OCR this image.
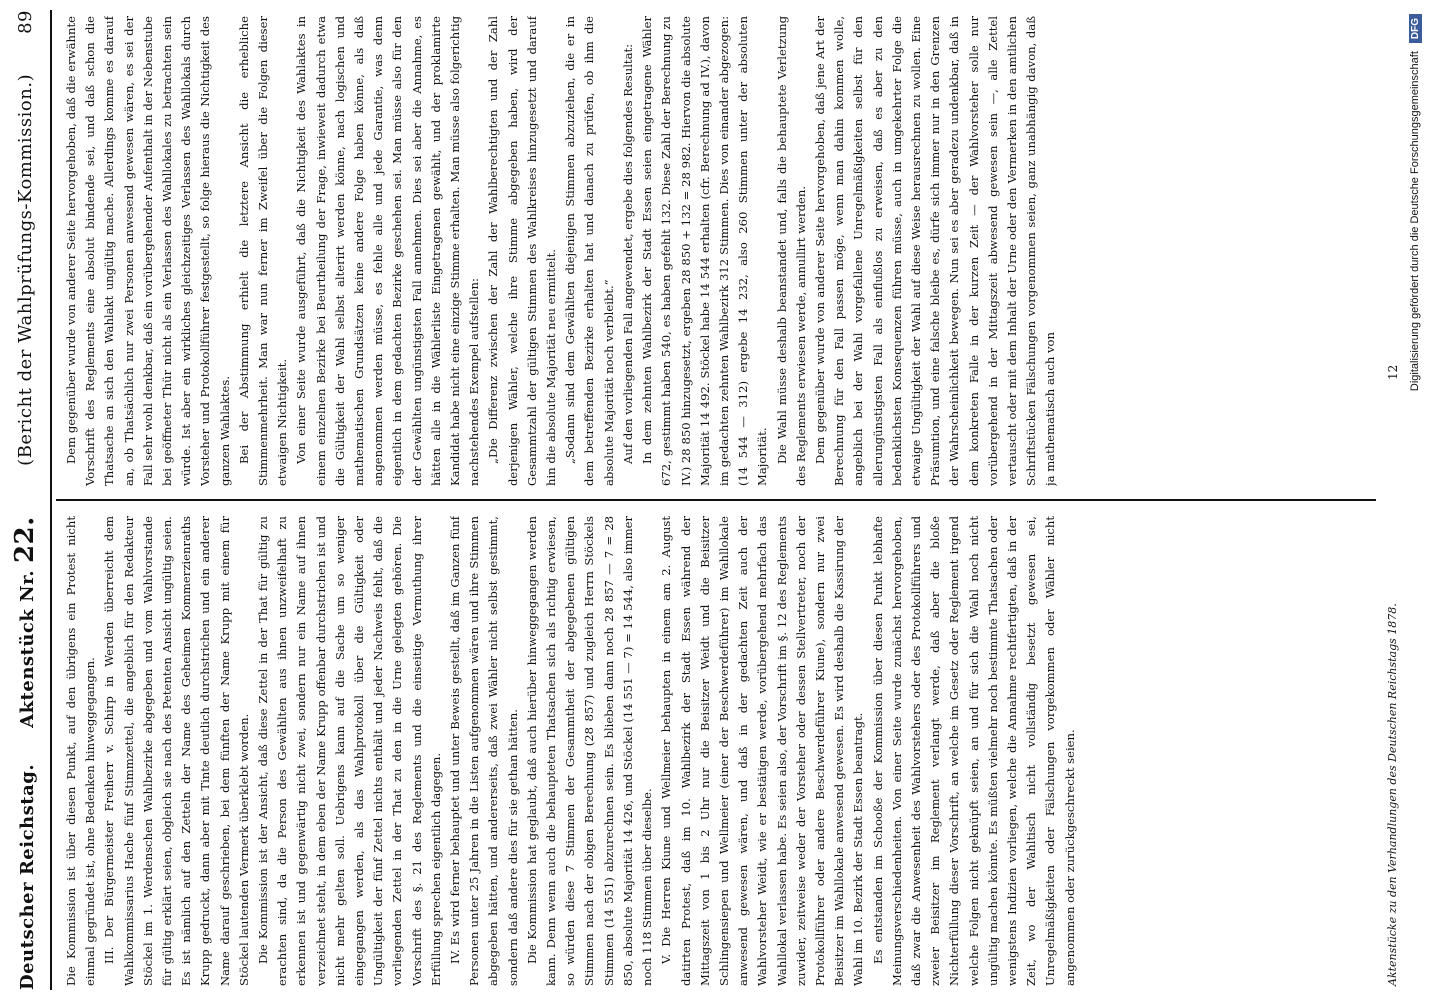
Deutscher Reichstag.
Aktenstück Nr. 22.
(Bericht der Wahlprüfungs-Kommission.)
89

Die Kommission ist über diesen Punkt, auf den übrigens ein Protest nicht einmal gegründet ist, ohne Bedenken hinweggegangen. III. Der Bürgermeister Freiherr v. Schirp in Werden überreicht dem Wahlkommissarius Hache fünf Stimmzettel, die angeblich für den Redakteur Stöckel im 1. Werdenschen Wahlbezirke abgegeben und vom Wahlvorstande für gültig erklärt seien, obgleich sie nach des Petenten Ansicht ungültig seien. Es ist nämlich auf den Zetteln der Name des Geheimen Kommerzienraths Krupp gedruckt, dann aber mit Tinte deutlich durchstrichen und ein anderer Name darauf geschrieben, bei dem fünften der Name Krupp mit einem für Stöckel lautenden Vermerk überklebt worden. Die Kommission ist der Ansicht, daß diese Zettel in der That für gültig zu erachten sind, da die Person des Gewählten aus ihnen unzweifelhaft zu erkennen ist und gegenwärtig nicht zwei, sondern nur ein Name auf ihnen verzeichnet steht, in dem eben der Name Krupp offenbar durchstrichen ist und nicht mehr gelten soll. Uebrigens kann auf die Sache um so weniger eingegangen werden, als das Wahlprotokoll über die Gültigkeit oder Ungültigkeit der fünf Zettel nichts enthält und jeder Nachweis fehlt, daß die vorliegenden Zettel in der That zu den in die Urne gelegten gehören. Die Vorschrift des §. 21 des Reglements und die einseitige Vermuthung ihrer Erfüllung sprechen eigentlich dagegen. IV. Es wird ferner behauptet und unter Beweis gestellt, daß im Ganzen fünf Personen unter 25 Jahren in die Listen aufgenommen wären und ihre Stimmen abgegeben hätten, und andererseits, daß zwei Wähler nicht selbst gestimmt, sondern daß andere dies für sie gethan hätten. Die Kommission hat geglaubt, daß auch hierüber hinweggegangen werden kann. Denn wenn auch die behaupteten Thatsachen sich als richtig erwiesen, so würden diese 7 Stimmen der Gesammtheit der abgegebenen gültigen Stimmen nach der obigen Berechnung (28 857) und zugleich Herrn Stöckels Stimmen (14 551) abzurechnen sein. Es blieben dann noch 28 857 — 7 = 28 850, absolute Majorität 14 426, und Stöckel (14 551 — 7) = 14 544, also immer noch 118 Stimmen über dieselbe. V. Die Herren Kiune und Wellmeier behaupten in einem am 2. August datirten Protest, daß im 10. Wahlbezirk der Stadt Essen während der Mittagszeit von 1 bis 2 Uhr nur die Beisitzer Weidt und die Beisitzer Schlingensiepen und Wellmeier (einer der Beschwerdeführer) im Wahllokale anwesend gewesen wären, und daß in der gedachten Zeit auch der Wahlvorsteher Weidt, wie er bestätigen werde, vorübergehend mehrfach das Wahllokal verlassen habe. Es seien also, der Vorschrift im §. 12 des Reglements zuwider, zeitweise weder der Vorsteher oder dessen Stellvertreter, noch der Protokollführer oder andere Beschwerdeführer Kiune), sondern nur zwei Beisitzer im Wahllokale anwesend gewesen. Es wird deshalb die Kassirung der Wahl im 10. Bezirk der Stadt Essen beantragt. Es entstanden im Schooße der Kommission über diesen Punkt lebhafte Meinungsverschiedenheiten. Von einer Seite wurde zunächst hervorgehoben, daß zwar die Anwesenheit des Wahlvorstehers oder des Protokollführers und zweier Beisitzer im Reglement verlangt werde, daß aber die bloße Nichterfüllung dieser Vorschrift, an welche im Gesetz oder Reglement irgend welche Folgen nicht geknüpft seien, an und für sich die Wahl noch nicht ungültig machen könnte. Es müßten vielmehr noch bestimmte Thatsachen oder wenigstens Indizien vorliegen, welche die Annahme rechtfertigten, daß in der Zeit, wo der Wahltisch nicht vollständig besetzt gewesen sei, Unregelmäßigkeiten oder Fälschungen vorgekommen oder Wähler nicht angenommen oder zurückgeschreckt seien.

Dem gegenüber wurde von anderer Seite hervorgehoben, daß die erwähnte Vorschrift des Reglements eine absolut bindende sei, und daß schon die Thatsache an sich den Wahlakt ungültig mache. Allerdings komme es darauf an, ob Thatsächlich nur zwei Personen anwesend gewesen wären, es sei der Fall sehr wohl denkbar, daß ein vorübergehender Aufenthalt in der Nebenstube bei geöffneter Thür nicht als ein Verlassen des Wahllokales zu betrachten sein würde. Ist aber ein wirkliches gleichzeitiges Verlassen des Wahllokals durch Vorsteher und Protokollführer festgestellt, so folge hieraus die Nichtigkeit des ganzen Wahlaktes. Bei der Abstimmung erhielt die letztere Ansicht die erhebliche Stimmenmehrheit. Man war nun ferner im Zweifel über die Folgen dieser etwaigen Nichtigkeit. Von einer Seite wurde ausgeführt, daß die Nichtigkeit des Wahlaktes in einem einzelnen Bezirke bei Beurtheilung der Frage, inwieweit dadurch etwa die Gültigkeit der Wahl selbst alterirt werden könne, nach logischen und mathematischen Grundsätzen keine andere Folge haben könne, als daß angenommen werden müsse, es fehle alle und jede Garantie, was denn eigentlich in dem gedachten Bezirke geschehen sei. Man müsse also für den der Gewählten ungünstigsten Fall annehmen. Dies sei aber die Annahme, es hätten alle in die Wählerliste Eingetragenen gewählt, und der proklamirte Kandidat habe nicht eine einzige Stimme erhalten. Man müsse also folgerichtig nachstehendes Exempel aufstellen: „Die Differenz zwischen der Zahl der Wahlberechtigten und der Zahl derjenigen Wähler, welche ihre Stimme abgegeben haben, wird der Gesammtzahl der gültigen Stimmen des Wahlkreises hinzugesetzt und darauf hin die absolute Majorität neu ermittelt. „Sodann sind dem Gewählten diejenigen Stimmen abzuziehen, die er in dem betreffenden Bezirke erhalten hat und danach zu prüfen, ob ihm die absolute Majorität noch verbleibt.“ Auf den vorliegenden Fall angewendet, ergebe dies folgendes Resultat: In dem zehnten Wahlbezirk der Stadt Essen seien eingetragene Wähler 672, gestimmt haben 540, es haben gefehlt 132. Diese Zahl der Berechnung zu IV.) 28 850 hinzugesetzt, ergeben 28 850 + 132 = 28 982. Hiervon die absolute Majorität 14 492. Stöckel habe 14 544 erhalten (cfr. Berechnung ad IV.), davon im gedachten zehnten Wahlbezirk 312 Stimmen. Dies von einander abgezogen: (14 544 — 312) ergebe 14 232, also 260 Stimmen unter der absoluten Majorität. Die Wahl müsse deshalb beanstandet und, falls die behauptete Verletzung des Reglements erwiesen werde, annullirt werden. Dem gegenüber wurde von anderer Seite hervorgehoben, daß jene Art der Berechnung für den Fall passen möge, wenn man dahin kommen wolle, angeblich bei der Wahl vorgefallene Unregelmäßigkeiten selbst für den allerungünstigsten Fall als einflußlos zu erweisen, daß es aber zu den bedenklichsten Konsequenzen führen müsse, auch in umgekehrter Folge die etwaige Ungültigkeit der Wahl auf diese Weise herausrechnen zu wollen. Eine Präsumtion, und eine falsche bleibe es, dürfe sich immer nur in den Grenzen der Wahrscheinlichkeit bewegen. Nun sei es aber geradezu undenkbar, daß in dem konkreten Falle in der kurzen Zeit — der Wahlvorsteher solle nur vorübergehend in der Mittagszeit abwesend gewesen sein —, alle Zettel vertauscht oder mit dem Inhalt der Urne oder den Vermerken in den amtlichen Schriftstücken Fälschungen vorgenommen seien, ganz unabhängig davon, daß ja mathematisch auch von

Aktenstücke zu den Verhandlungen des Deutschen Reichstags 1878.
12 Digitalisierung gefördert durch die Deutsche Forschungsgemeinschaft
DFG
